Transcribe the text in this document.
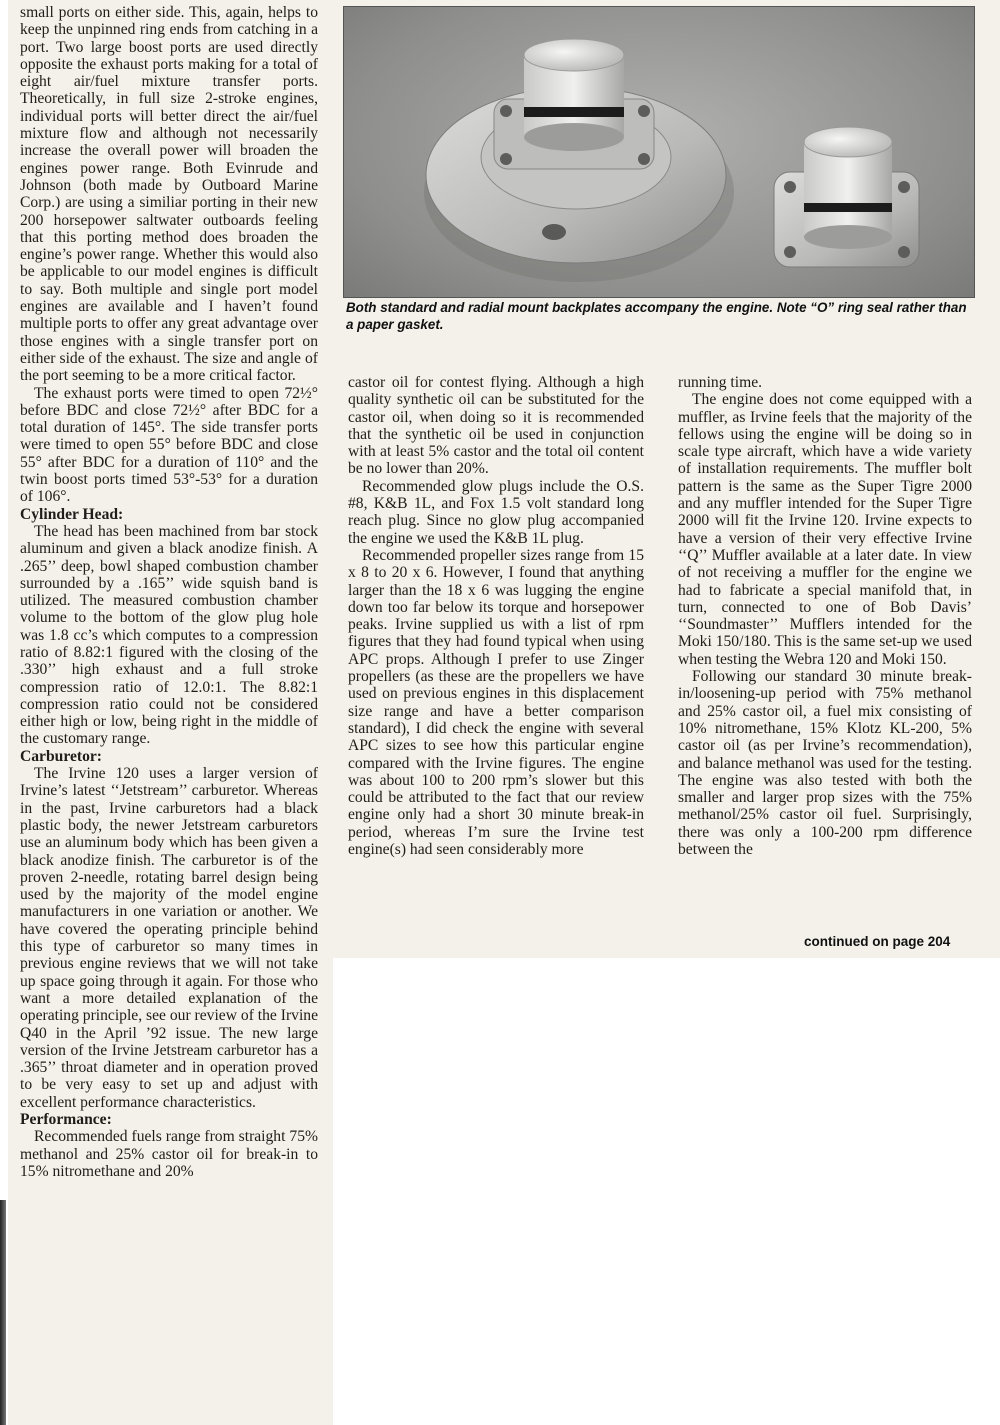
small ports on either side. This, again, helps to keep the unpinned ring ends from catching in a port. Two large boost ports are used directly opposite the exhaust ports making for a total of eight air/fuel mixture transfer ports. Theoretically, in full size 2-stroke engines, individual ports will better direct the air/fuel mixture flow and although not necessarily increase the overall power will broaden the engines power range. Both Evinrude and Johnson (both made by Outboard Marine Corp.) are using a similiar porting in their new 200 horsepower saltwater outboards feeling that this porting method does broaden the engine’s power range. Whether this would also be applicable to our model engines is difficult to say. Both multiple and single port model engines are available and I haven’t found multiple ports to offer any great advantage over those engines with a single transfer port on either side of the exhaust. The size and angle of the port seeming to be a more critical factor.

The exhaust ports were timed to open 72½° before BDC and close 72½° after BDC for a total duration of 145°. The side transfer ports were timed to open 55° before BDC and close 55° after BDC for a duration of 110° and the twin boost ports timed 53°-53° for a duration of 106°.

Cylinder Head:

The head has been machined from bar stock aluminum and given a black anodize finish. A .265’’ deep, bowl shaped combustion chamber surrounded by a .165’’ wide squish band is utilized. The measured combustion chamber volume to the bottom of the glow plug hole was 1.8 cc’s which computes to a compression ratio of 8.82:1 figured with the closing of the .330’’ high exhaust and a full stroke compression ratio of 12.0:1. The 8.82:1 compression ratio could not be considered either high or low, being right in the middle of the customary range.

Carburetor:

The Irvine 120 uses a larger version of Irvine’s latest ‘‘Jetstream’’ carburetor. Whereas in the past, Irvine carburetors had a black plastic body, the newer Jetstream carburetors use an aluminum body which has been given a black anodize finish. The carburetor is of the proven 2-needle, rotating barrel design being used by the majority of the model engine manufacturers in one variation or another. We have covered the operating principle behind this type of carburetor so many times in previous engine reviews that we will not take up space going through it again. For those who want a more detailed explanation of the operating principle, see our review of the Irvine Q40 in the April ’92 issue. The new large version of the Irvine Jetstream carburetor has a .365’’ throat diameter and in operation proved to be very easy to set up and adjust with excellent performance characteristics.

Performance:

Recommended fuels range from straight 75% methanol and 25% castor oil for break-in to 15% nitromethane and 20%

Both standard and radial mount backplates accompany the engine. Note “O” ring seal rather than a paper gasket.

castor oil for contest flying. Although a high quality synthetic oil can be substituted for the castor oil, when doing so it is recommended that the synthetic oil be used in conjunction with at least 5% castor and the total oil content be no lower than 20%.

Recommended glow plugs include the O.S. #8, K&B 1L, and Fox 1.5 volt standard long reach plug. Since no glow plug accompanied the engine we used the K&B 1L plug.

Recommended propeller sizes range from 15 x 8 to 20 x 6. However, I found that anything larger than the 18 x 6 was lugging the engine down too far below its torque and horsepower peaks. Irvine supplied us with a list of rpm figures that they had found typical when using APC props. Although I prefer to use Zinger propellers (as these are the propellers we have used on previous engines in this displacement size range and have a better comparison standard), I did check the engine with several APC sizes to see how this particular engine compared with the Irvine figures. The engine was about 100 to 200 rpm’s slower but this could be attributed to the fact that our review engine only had a short 30 minute break-in period, whereas I’m sure the Irvine test engine(s) had seen considerably more

running time.

The engine does not come equipped with a muffler, as Irvine feels that the majority of the fellows using the engine will be doing so in scale type aircraft, which have a wide variety of installation requirements. The muffler bolt pattern is the same as the Super Tigre 2000 and any muffler intended for the Super Tigre 2000 will fit the Irvine 120. Irvine expects to have a version of their very effective Irvine ‘‘Q’’ Muffler available at a later date. In view of not receiving a muffler for the engine we had to fabricate a special manifold that, in turn, connected to one of Bob Davis’ ‘‘Soundmaster’’ Mufflers intended for the Moki 150/180. This is the same set-up we used when testing the Webra 120 and Moki 150.

Following our standard 30 minute break-in/loosening-up period with 75% methanol and 25% castor oil, a fuel mix consisting of 10% nitromethane, 15% Klotz KL-200, 5% castor oil (as per Irvine’s recommendation), and balance methanol was used for the testing. The engine was also tested with both the smaller and larger prop sizes with the 75% methanol/25% castor oil fuel. Surprisingly, there was only a 100-200 rpm difference between the

continued on page 204
